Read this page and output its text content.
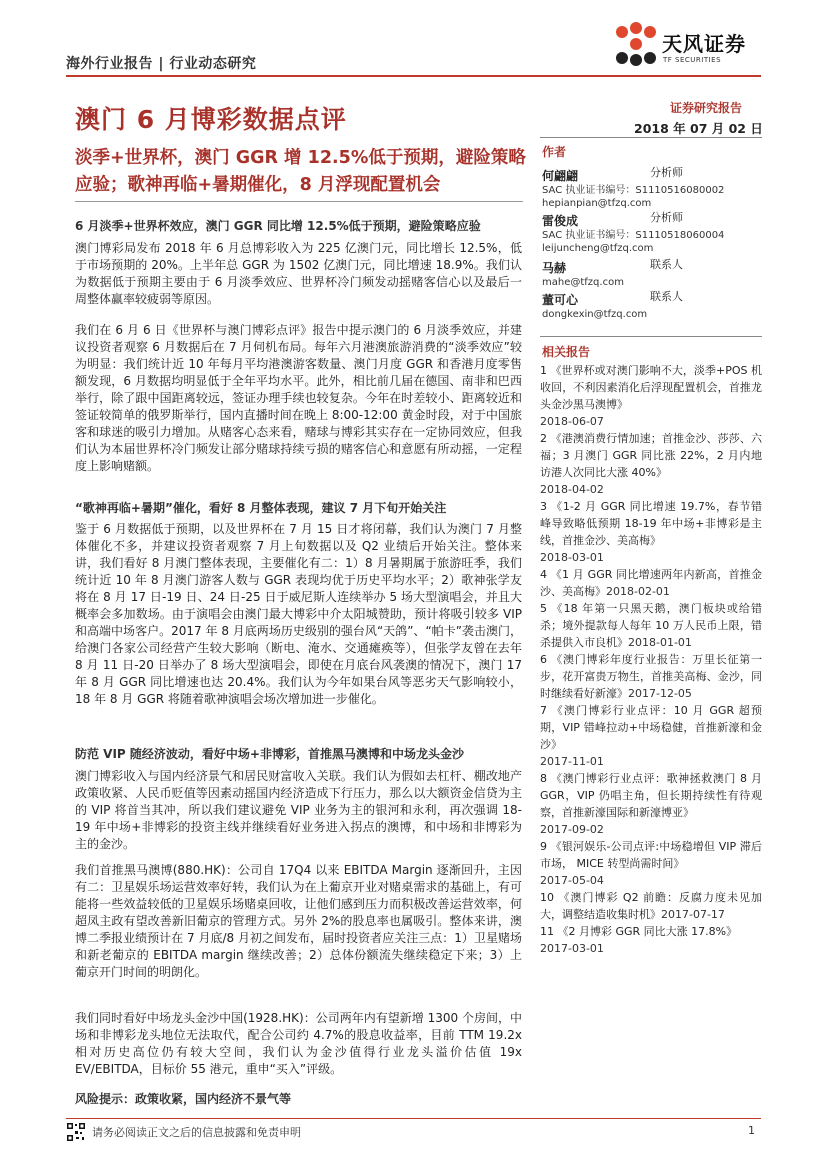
海外行业报告 | 行业动态研究
天风证券
TF SECURITIES
澳门 6 月博彩数据点评
淡季+世界杯，澳门 GGR 增 12.5%低于预期，避险策略应验；歌神再临+暑期催化，8 月浮现配置机会
证券研究报告
2018 年 07 月 02 日
作者
何翩翩	分析师
SAC 执业证书编号：S1110516080002
hepianpian@tfzq.com
雷俊成	分析师
SAC 执业证书编号：S1110518060004
leijuncheng@tfzq.com
马赫	联系人
mahe@tfzq.com
董可心	联系人
dongkexin@tfzq.com
相关报告
1 《世界杯或对澳门影响不大，淡季+POS 机收回，不利因素消化后浮现配置机会，首推龙头金沙黑马澳博》
2018-06-07
2 《港澳消费行情加速；首推金沙、莎莎、六福；3 月澳门 GGR 同比涨 22%，2 月内地访港人次同比大涨 40%》
2018-04-02
3 《1-2 月 GGR 同比增速 19.7%，春节错峰导致略低预期 18-19 年中场+非博彩是主线，首推金沙、美高梅》
2018-03-01
4 《1 月 GGR 同比增速两年内新高，首推金沙、美高梅》2018-02-01
5 《18 年第一只黑天鹅，澳门板块或给错杀；境外提款每人每年 10 万人民币上限，错杀提供入市良机》2018-01-01
6 《澳门博彩年度行业报告：万里长征第一步，花开富贵万物生，首推美高梅、金沙，同时继续看好新濠》2017-12-05
7 《澳门博彩行业点评：10 月 GGR 超预期，VIP 错峰拉动+中场稳健，首推新濠和金沙》
2017-11-01
8 《澳门博彩行业点评：歌神拯救澳门 8 月 GGR，VIP 仍唱主角，但长期持续性有待观察，首推新濠国际和新濠博亚》
2017-09-02
9 《银河娱乐-公司点评:中场稳增但 VIP 滞后市场， MICE 转型尚需时间》
2017-05-04
10 《澳门博彩 Q2 前瞻：反腐力度未见加大，调整结造收集时机》2017-07-17
11 《2 月博彩 GGR 同比大涨 17.8%》
2017-03-01
6 月淡季+世界杯效应，澳门 GGR 同比增 12.5%低于预期，避险策略应验
澳门博彩局发布 2018 年 6 月总博彩收入为 225 亿澳门元，同比增长 12.5%，低于市场预期的 20%。上半年总 GGR 为 1502 亿澳门元，同比增速 18.9%。我们认为数据低于预期主要由于 6 月淡季效应、世界杯冷门频发动摇赌客信心以及最后一周整体赢率较疲弱等原因。
我们在 6 月 6 日《世界杯与澳门博彩点评》报告中提示澳门的 6 月淡季效应，并建议投资者观察 6 月数据后在 7 月伺机布局。每年六月港澳旅游消费的“淡季效应”较为明显：我们统计近 10 年每月平均港澳游客数量、澳门月度 GGR 和香港月度零售额发现，6 月数据均明显低于全年平均水平。此外，相比前几届在德国、南非和巴西举行，除了跟中国距离较远，签证办理手续也较复杂。今年在时差较小、距离较近和签证较简单的俄罗斯举行，国内直播时间在晚上 8:00-12:00 黄金时段，对于中国旅客和球迷的吸引力增加。从赌客心态来看，赌球与博彩其实存在一定协同效应，但我们认为本届世界杯冷门频发让部分赌球持续亏损的赌客信心和意愿有所动摇，一定程度上影响赌额。
“歌神再临+暑期”催化，看好 8 月整体表现，建议 7 月下旬开始关注
鉴于 6 月数据低于预期，以及世界杯在 7 月 15 日才将闭幕，我们认为澳门 7 月整体催化不多，并建议投资者观察 7 月上旬数据以及 Q2 业绩后开始关注。整体来讲，我们看好 8 月澳门整体表现，主要催化有二：1）8 月暑期属于旅游旺季，我们统计近 10 年 8 月澳门游客人数与 GGR 表现均优于历史平均水平；2）歌神张学友将在 8 月 17 日-19 日、24 日-25 日于威尼斯人连续举办 5 场大型演唱会，并且大概率会多加数场。由于演唱会由澳门最大博彩中介太阳城赞助，预计将吸引较多 VIP 和高端中场客户。2017 年 8 月底两场历史级别的强台风“天鸽”、“帕卡”袭击澳门，给澳门各家公司经营产生较大影响（断电、淹水、交通瘫痪等），但张学友曾在去年 8 月 11 日-20 日举办了 8 场大型演唱会，即使在月底台风袭澳的情况下，澳门 17 年 8 月 GGR 同比增速也达 20.4%。我们认为今年如果台风等恶劣天气影响较小，18 年 8 月 GGR 将随着歌神演唱会场次增加进一步催化。
防范 VIP 随经济波动，看好中场+非博彩，首推黑马澳博和中场龙头金沙
澳门博彩收入与国内经济景气和居民财富收入关联。我们认为假如去杠杆、棚改地产政策收紧、人民币贬值等因素动摇国内经济造成下行压力，那么以大额资金信贷为主的 VIP 将首当其冲，所以我们建议避免 VIP 业务为主的银河和永利，再次强调 18-19 年中场+非博彩的投资主线并继续看好业务进入拐点的澳博，和中场和非博彩为主的金沙。
我们首推黑马澳博(880.HK)：公司自 17Q4 以来 EBITDA Margin 逐渐回升，主因有二：卫星娱乐场运营效率好转，我们认为在上葡京开业对赌桌需求的基础上，有可能将一些效益较低的卫星娱乐场赌桌回收，让他们感到压力而积极改善运营效率，何超凤主政有望改善新旧葡京的管理方式。另外 2%的股息率也属吸引。整体来讲，澳博二季报业绩预计在 7 月底/8 月初之间发布，届时投资者应关注三点：1）卫星赌场和新老葡京的 EBITDA margin 继续改善；2）总体份额流失继续稳定下来；3）上葡京开门时间的明朗化。
我们同时看好中场龙头金沙中国(1928.HK)：公司两年内有望新增 1300 个房间，中场和非博彩龙头地位无法取代，配合公司约 4.7%的股息收益率，目前 TTM 19.2x 相对历史高位仍有较大空间，我们认为金沙值得行业龙头溢价估值 19x EV/EBITDA，目标价 55 港元，重申“买入”评级。
风险提示：政策收紧，国内经济不景气等
请务必阅读正文之后的信息披露和免责申明	1
